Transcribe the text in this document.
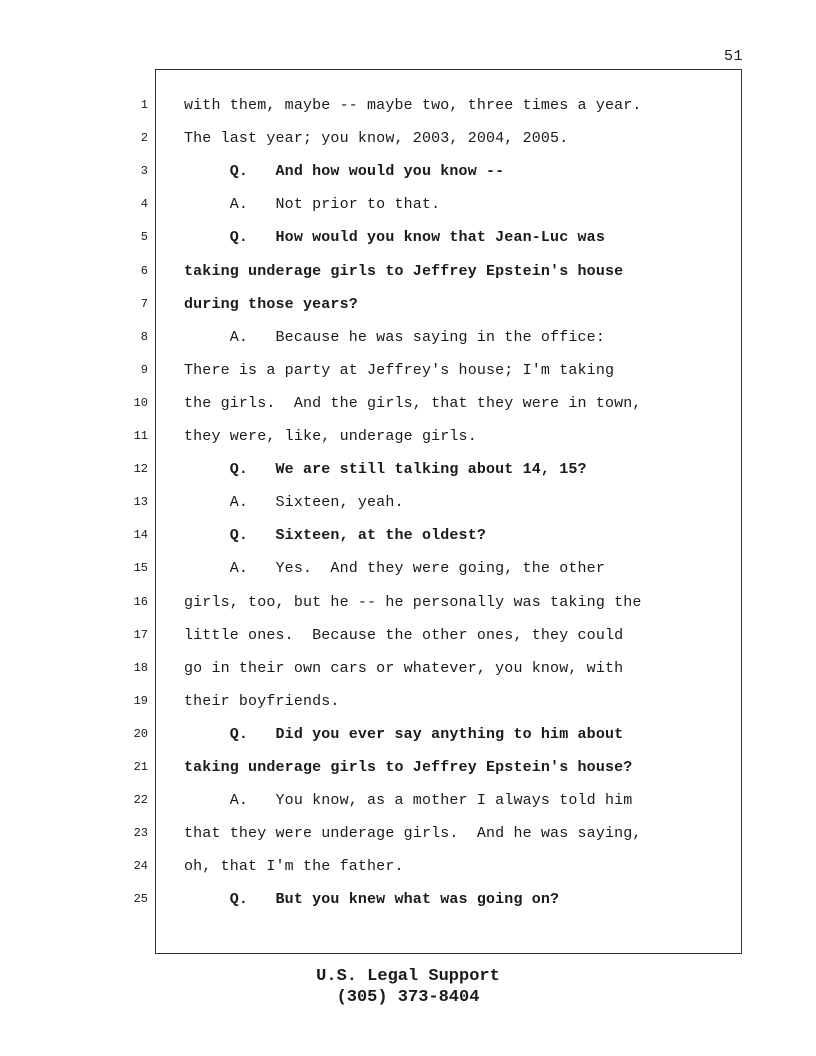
51
1 with them, maybe -- maybe two, three times a year.
2 The last year; you know, 2003, 2004, 2005.
3 Q.   And how would you know --
4 A.   Not prior to that.
5 Q.   How would you know that Jean-Luc was
6 taking underage girls to Jeffrey Epstein's house
7 during those years?
8 A.   Because he was saying in the office:
9 There is a party at Jeffrey's house; I'm taking
10 the girls.  And the girls, that they were in town,
11 they were, like, underage girls.
12 Q.   We are still talking about 14, 15?
13 A.   Sixteen, yeah.
14 Q.   Sixteen, at the oldest?
15 A.   Yes.  And they were going, the other
16 girls, too, but he -- he personally was taking the
17 little ones.  Because the other ones, they could
18 go in their own cars or whatever, you know, with
19 their boyfriends.
20 Q.   Did you ever say anything to him about
21 taking underage girls to Jeffrey Epstein's house?
22 A.   You know, as a mother I always told him
23 that they were underage girls.  And he was saying,
24 oh, that I'm the father.
25 Q.   But you knew what was going on?
U.S. Legal Support
(305) 373-8404
